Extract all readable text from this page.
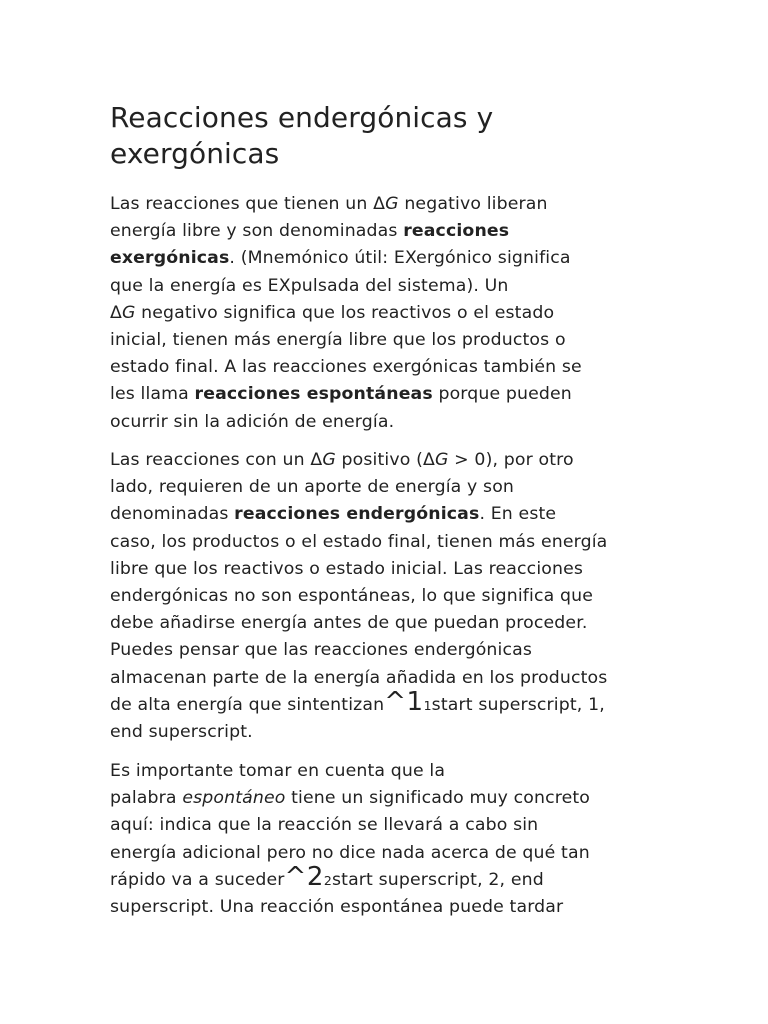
Reacciones endergónicas y
exergónicas
Las reacciones que tienen un ΔG negativo liberan
energía libre y son denominadas reacciones
exergónicas. (Mnemónico útil: EXergónico significa
que la energía es EXpulsada del sistema). Un
ΔG negativo significa que los reactivos o el estado
inicial, tienen más energía libre que los productos o
estado final. A las reacciones exergónicas también se
les llama reacciones espontáneas porque pueden
ocurrir sin la adición de energía.
Las reacciones con un ΔG positivo (ΔG > 0), por otro
lado, requieren de un aporte de energía y son
denominadas reacciones endergónicas. En este
caso, los productos o el estado final, tienen más energía
libre que los reactivos o estado inicial. Las reacciones
endergónicas no son espontáneas, lo que significa que
debe añadirse energía antes de que puedan proceder.
Puedes pensar que las reacciones endergónicas
almacenan parte de la energía añadida en los productos
de alta energía que sintentizan^11start superscript, 1,
end superscript.
Es importante tomar en cuenta que la
palabra espontáneo tiene un significado muy concreto
aquí: indica que la reacción se llevará a cabo sin
energía adicional pero no dice nada acerca de qué tan
rápido va a suceder^22start superscript, 2, end
superscript. Una reacción espontánea puede tardar
